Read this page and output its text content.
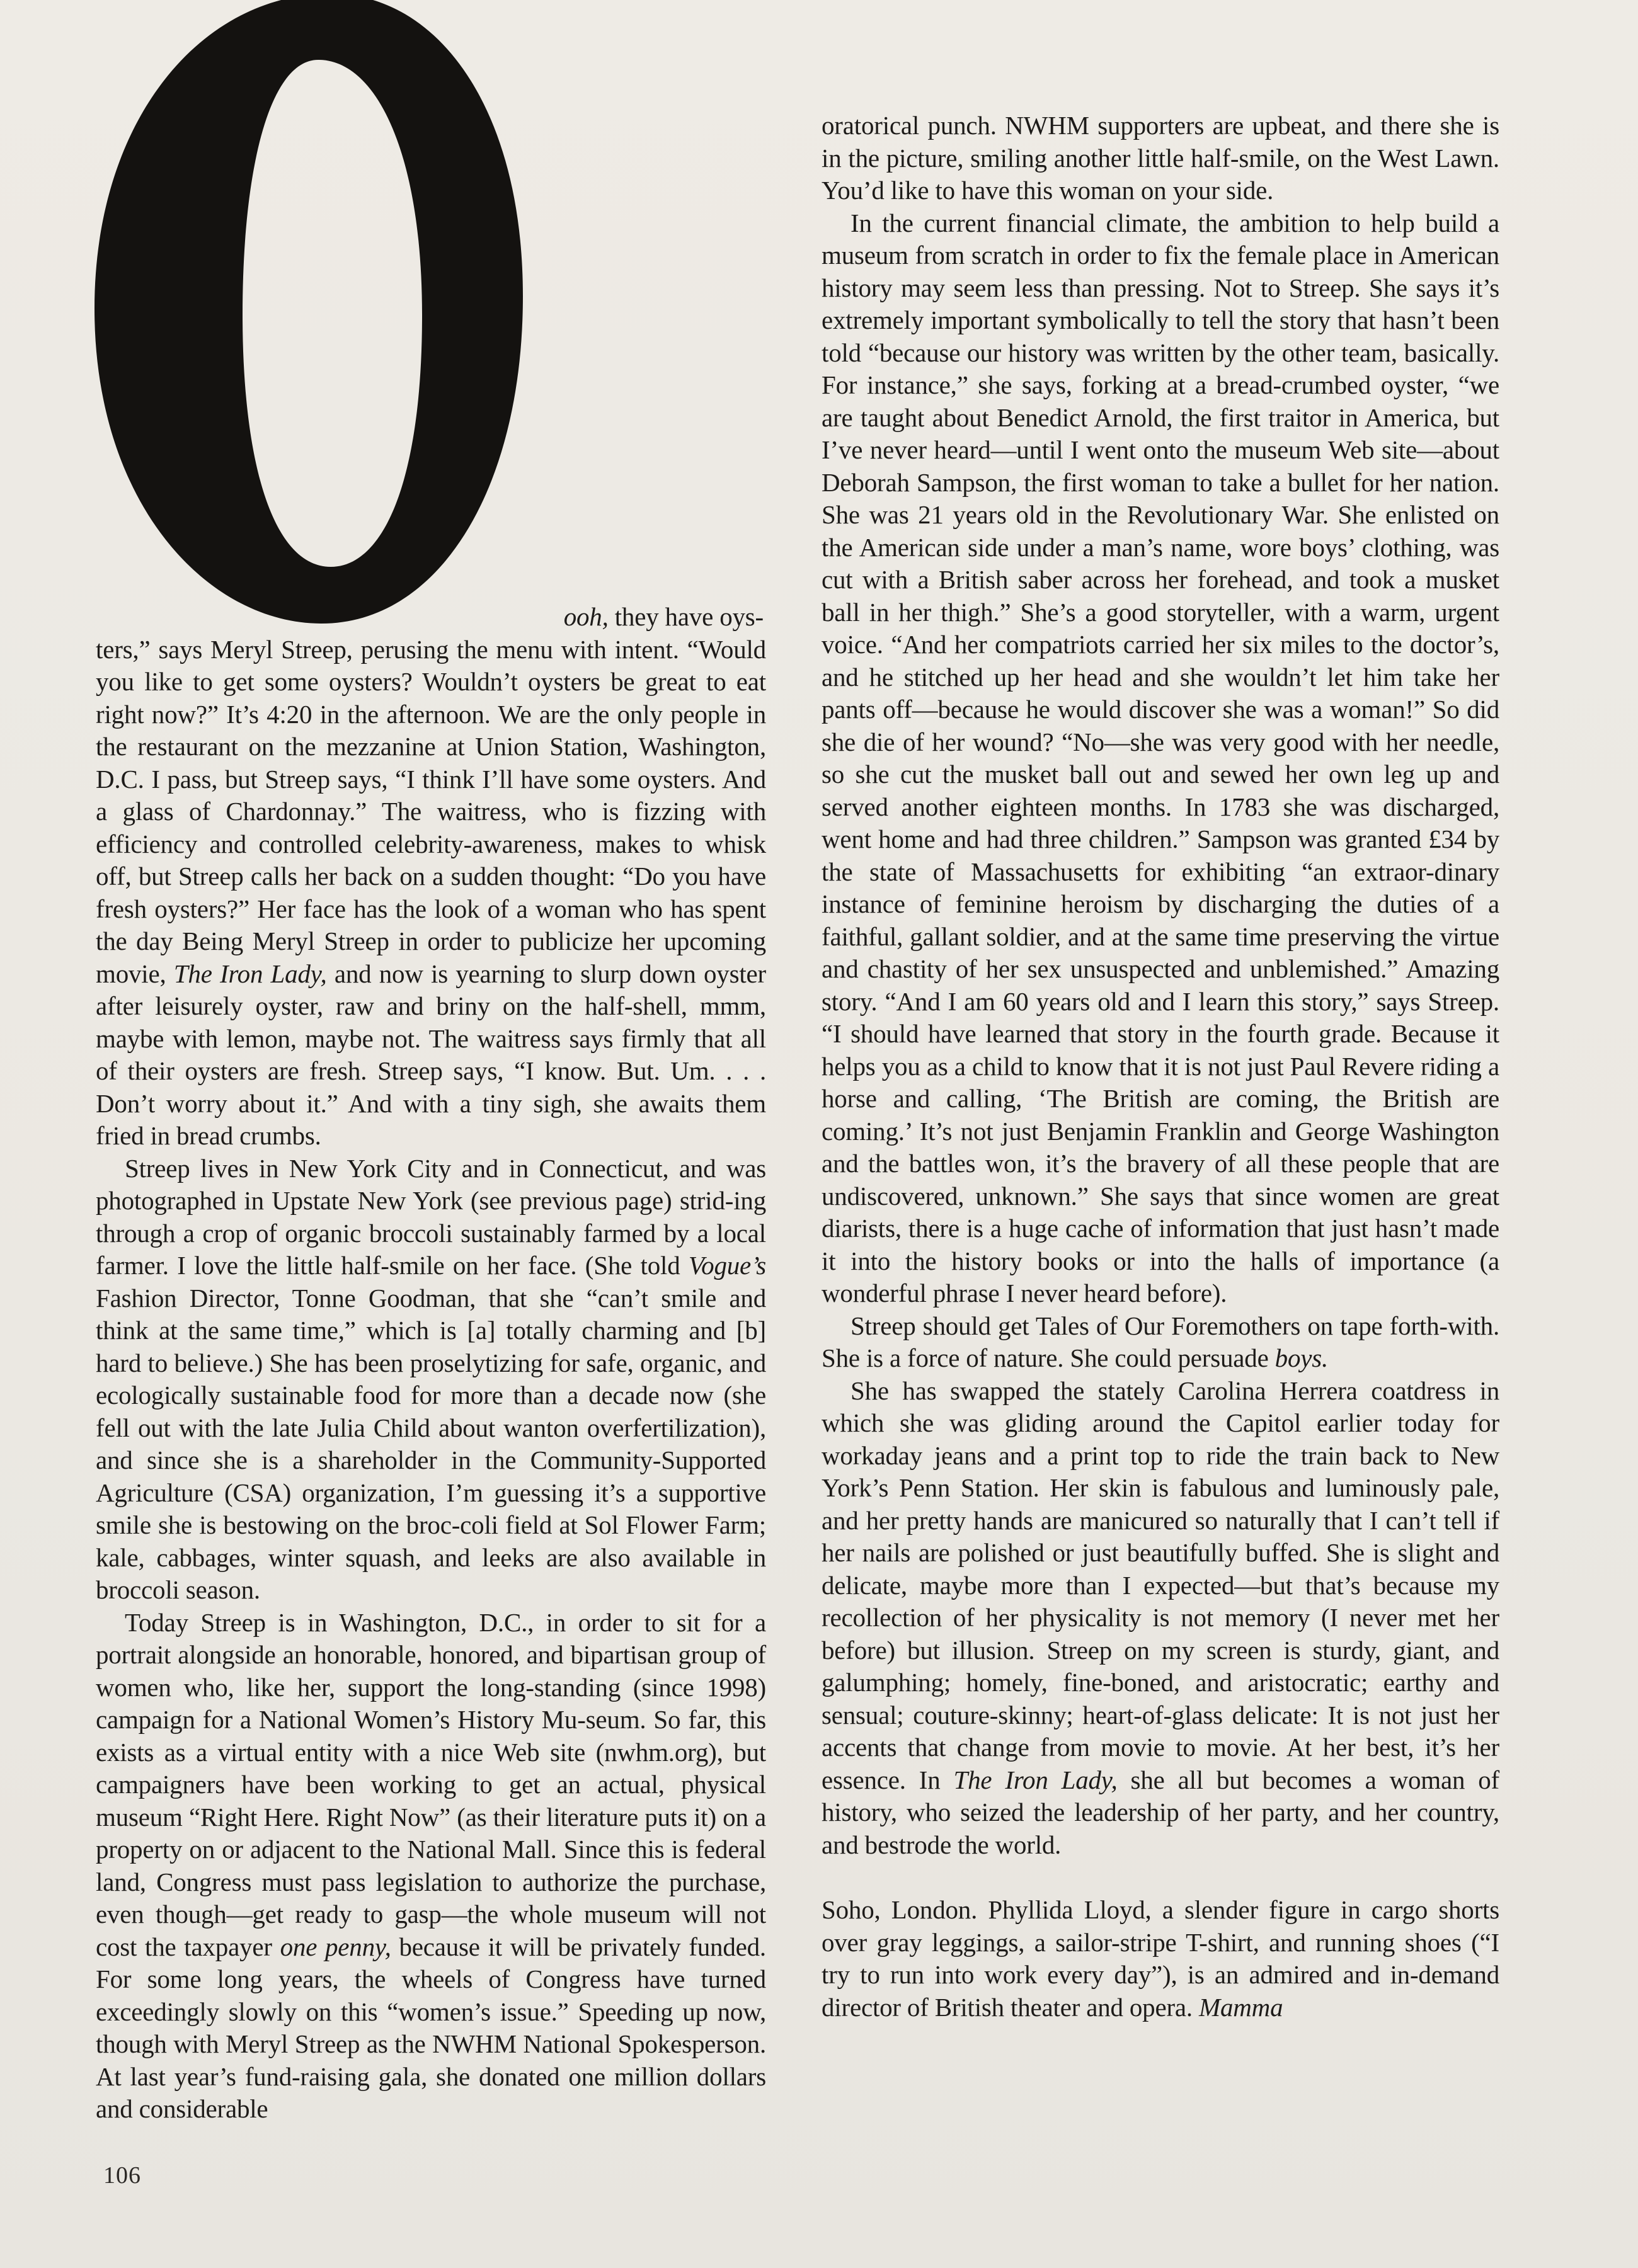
ooh, they have oys-

ters,” says Meryl Streep, perusing the menu with intent. “Would you like to get some oysters? Wouldn’t oysters be great to eat right now?” It’s 4:20 in the afternoon. We are the only people in the restaurant on the mezzanine at Union Station, Washington, D.C. I pass, but Streep says, “I think I’ll have some oysters. And a glass of Chardonnay.” The waitress, who is fizzing with efficiency and controlled celebrity-awareness, makes to whisk off, but Streep calls her back on a sudden thought: “Do you have fresh oysters?” Her face has the look of a woman who has spent the day Being Meryl Streep in order to publicize her upcoming movie, The Iron Lady, and now is yearning to slurp down oyster after leisurely oyster, raw and briny on the half-shell, mmm, maybe with lemon, maybe not. The waitress says firmly that all of their oysters are fresh. Streep says, “I know. But. Um. . . . Don’t worry about it.” And with a tiny sigh, she awaits them fried in bread crumbs.

Streep lives in New York City and in Connecticut, and was photographed in Upstate New York (see previous page) strid-ing through a crop of organic broccoli sustainably farmed by a local farmer. I love the little half-smile on her face. (She told Vogue’s Fashion Director, Tonne Goodman, that she “can’t smile and think at the same time,” which is [a] totally charming and [b] hard to believe.) She has been proselytizing for safe, organic, and ecologically sustainable food for more than a decade now (she fell out with the late Julia Child about wanton overfertilization), and since she is a shareholder in the Community-Supported Agriculture (CSA) organization, I’m guessing it’s a supportive smile she is bestowing on the broc-coli field at Sol Flower Farm; kale, cabbages, winter squash, and leeks are also available in broccoli season.

Today Streep is in Washington, D.C., in order to sit for a portrait alongside an honorable, honored, and bipartisan group of women who, like her, support the long-standing (since 1998) campaign for a National Women’s History Mu-seum. So far, this exists as a virtual entity with a nice Web site (nwhm.org), but campaigners have been working to get an actual, physical museum “Right Here. Right Now” (as their literature puts it) on a property on or adjacent to the National Mall. Since this is federal land, Congress must pass legislation to authorize the purchase, even though—get ready to gasp—the whole museum will not cost the taxpayer one penny, because it will be privately funded. For some long years, the wheels of Congress have turned exceedingly slowly on this “women’s issue.” Speeding up now, though with Meryl Streep as the NWHM National Spokesperson. At last year’s fund-raising gala, she donated one million dollars and considerable

oratorical punch. NWHM supporters are upbeat, and there she is in the picture, smiling another little half-smile, on the West Lawn. You’d like to have this woman on your side.

In the current financial climate, the ambition to help build a museum from scratch in order to fix the female place in American history may seem less than pressing. Not to Streep. She says it’s extremely important symbolically to tell the story that hasn’t been told “because our history was written by the other team, basically. For instance,” she says, forking at a bread-crumbed oyster, “we are taught about Benedict Arnold, the first traitor in America, but I’ve never heard—until I went onto the museum Web site—about Deborah Sampson, the first woman to take a bullet for her nation. She was 21 years old in the Revolutionary War. She enlisted on the American side under a man’s name, wore boys’ clothing, was cut with a British saber across her forehead, and took a musket ball in her thigh.” She’s a good storyteller, with a warm, urgent voice. “And her compatriots carried her six miles to the doctor’s, and he stitched up her head and she wouldn’t let him take her pants off—because he would discover she was a woman!” So did she die of her wound? “No—she was very good with her needle, so she cut the musket ball out and sewed her own leg up and served another eighteen months. In 1783 she was discharged, went home and had three children.” Sampson was granted £34 by the state of Massachusetts for exhibiting “an extraor-dinary instance of feminine heroism by discharging the duties of a faithful, gallant soldier, and at the same time preserving the virtue and chastity of her sex unsuspected and unblemished.” Amazing story. “And I am 60 years old and I learn this story,” says Streep. “I should have learned that story in the fourth grade. Because it helps you as a child to know that it is not just Paul Revere riding a horse and calling, ‘The British are coming, the British are coming.’ It’s not just Benjamin Franklin and George Washington and the battles won, it’s the bravery of all these people that are undiscovered, unknown.” She says that since women are great diarists, there is a huge cache of information that just hasn’t made it into the history books or into the halls of importance (a wonderful phrase I never heard before).

Streep should get Tales of Our Foremothers on tape forth-with. She is a force of nature. She could persuade boys.

She has swapped the stately Carolina Herrera coatdress in which she was gliding around the Capitol earlier today for workaday jeans and a print top to ride the train back to New York’s Penn Station. Her skin is fabulous and luminously pale, and her pretty hands are manicured so naturally that I can’t tell if her nails are polished or just beautifully buffed. She is slight and delicate, maybe more than I expected—but that’s because my recollection of her physicality is not memory (I never met her before) but illusion. Streep on my screen is sturdy, giant, and galumphing; homely, fine-boned, and aristocratic; earthy and sensual; couture-skinny; heart-of-glass delicate: It is not just her accents that change from movie to movie. At her best, it’s her essence. In The Iron Lady, she all but becomes a woman of history, who seized the leadership of her party, and her country, and bestrode the world.

Soho, London. Phyllida Lloyd, a slender figure in cargo shorts over gray leggings, a sailor-stripe T-shirt, and running shoes (“I try to run into work every day”), is an admired and in-demand director of British theater and opera. Mamma

106
